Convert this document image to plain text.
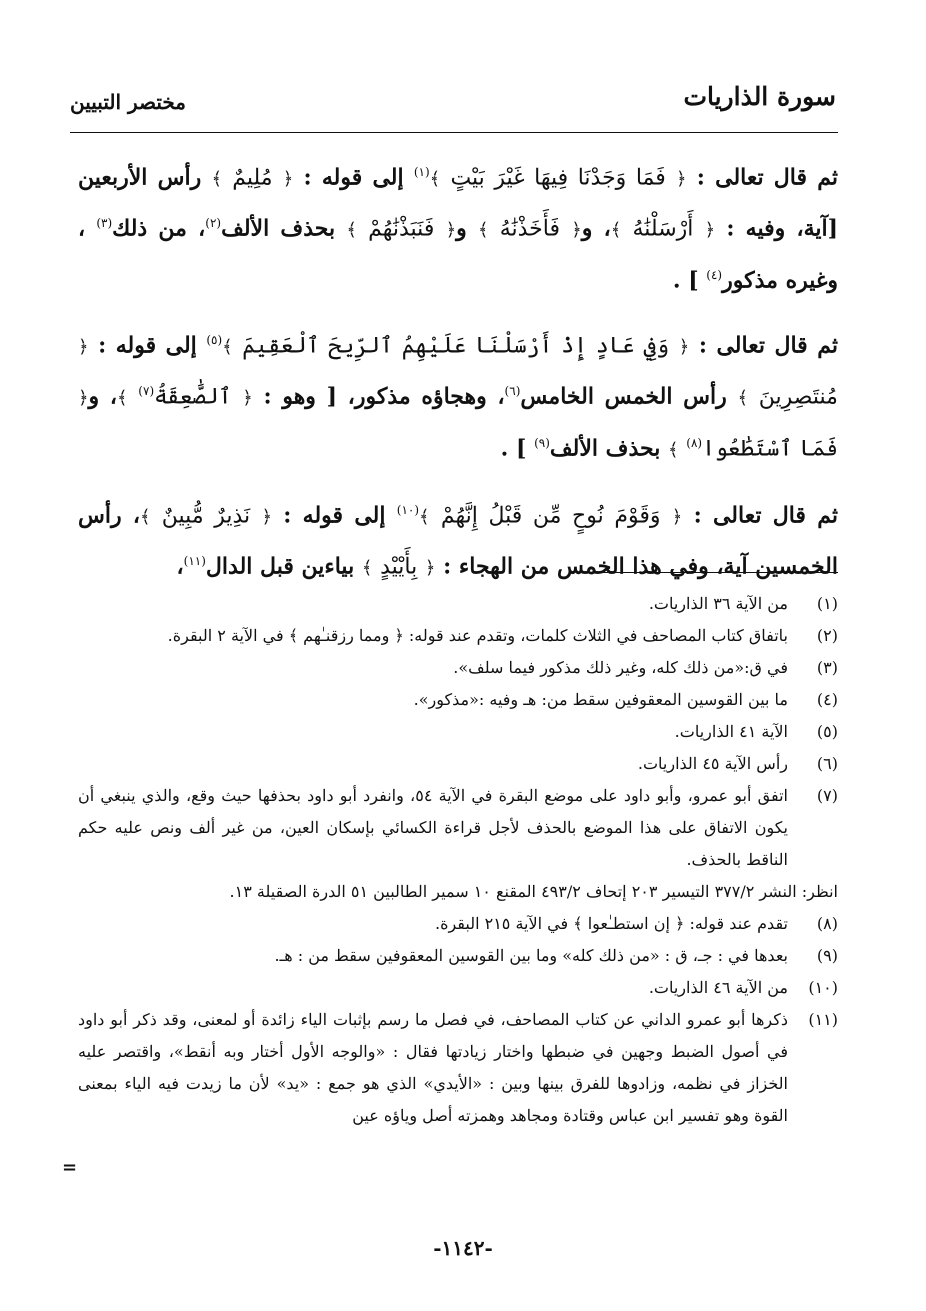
سورة الذاريات
مختصر التبيين

ثم قال تعالى : ﴿ فَمَا وَجَدْنَا فِيهَا غَيْرَ بَيْتٍ ﴾$^{(١)}$ إلى قوله : ﴿ مُلِيمٌ ﴾ رأس الأربعين [آية، وفيه : ﴿ أَرْسَلْنَٰهُ ﴾، و﴿ فَأَخَذْنَٰهُ ﴾ و﴿ فَنَبَذْنَٰهُمْ ﴾ بحذف الألف$^{(٢)}$، من ذلك$^{(٣)}$ ، وغيره مذكور$^{(٤)}$ ] .

ثم قال تعالى : ﴿ وَفِي عَادٍ إِذْ أَرْسَلْنَا عَلَيْهِمُ ٱلرِّيحَ ٱلْعَقِيمَ ﴾$^{(٥)}$ إلى قوله : ﴿ مُنتَصِرِينَ ﴾ رأس الخمس الخامس$^{(٦)}$، وهجاؤه مذكور، [ وهو : ﴿ ٱلصَّٰعِقَةُ$^{(٧)}$ ﴾، و﴿ فَمَا ٱسْتَطَٰعُوا$^{(٨)}$ ﴾ بحذف الألف$^{(٩)}$ ] .

ثم قال تعالى : ﴿ وَقَوْمَ نُوحٍ مِّن قَبْلُ إِنَّهُمْ ﴾$^{(١٠)}$ إلى قوله : ﴿ نَذِيرٌ مُّبِينٌ ﴾، رأس الخمسين آية، وفي هذا الخمس من الهجاء : ﴿ بِأَيْيْدٍ ﴾ بياءين قبل الدال$^{(١١)}$،

(١)
من الآية ٣٦ الذاريات.
(٢)
باتفاق كتاب المصاحف في الثلاث كلمات، وتقدم عند قوله: ﴿ ومما رزقنـٰهم ﴾ في الآية ٢ البقرة.
(٣)
في ق:«من ذلك كله، وغير ذلك مذكور فيما سلف».
(٤)
ما بين القوسين المعقوفين سقط من: هـ وفيه :«مذكور».
(٥)
الآية ٤١ الذاريات.
(٦)
رأس الآية ٤٥ الذاريات.
(٧)
اتفق أبو عمرو، وأبو داود على موضع البقرة في الآية ٥٤، وانفرد أبو داود بحذفها حيث وقع، والذي ينبغي أن يكون الاتفاق على هذا الموضع بالحذف لأجل قراءة الكسائي بإسكان العين، من غير ألف ونص عليه حكم الناقط بالحذف.
انظر: النشر ٣٧٧/٢ التيسير ٢٠٣ إتحاف ٤٩٣/٢ المقنع ١٠ سمير الطالبين ٥١ الدرة الصقيلة ١٣.
(٨)
تقدم عند قوله: ﴿ إن استطـٰعوا ﴾ في الآية ٢١٥ البقرة.
(٩)
بعدها في : جـ، ق : «من ذلك كله» وما بين القوسين المعقوفين سقط من : هـ.
(١٠)
من الآية ٤٦ الذاريات.
(١١)
ذكرها أبو عمرو الداني عن كتاب المصاحف، في فصل ما رسم بإثبات الياء زائدة أو لمعنى، وقد ذكر أبو داود في أصول الضبط وجهين في ضبطها واختار زيادتها فقال : «والوجه الأول أختار وبه أنقط»، واقتصر عليه الخزاز في نظمه، وزادوها للفرق بينها وبين : «الأيدي» الذي هو جمع : «يد» لأن ما زيدت فيه الياء بمعنى القوة وهو تفسير ابن عباس وقتادة ومجاهد وهمزته أصل وياؤه عين
=
-١١٤٢-
